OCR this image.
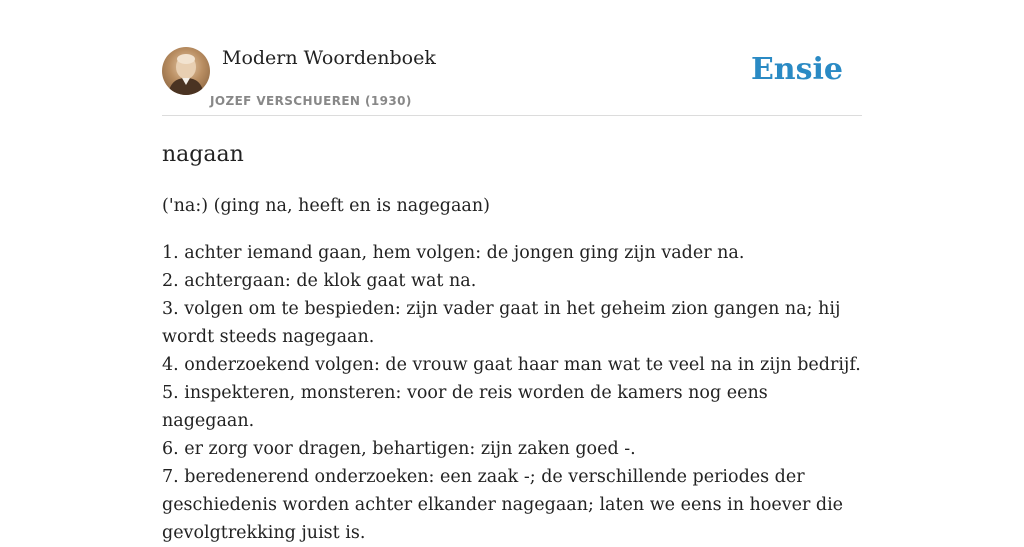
Modern Woordenboek
JOZEF VERSCHUEREN (1930)
Ensie
nagaan
('na:) (ging na, heeft en is nagegaan)

1. achter iemand gaan, hem volgen: de jongen ging zijn vader na.

2. achtergaan: de klok gaat wat na.

3. volgen om te bespieden: zijn vader gaat in het geheim zion gangen na; hij wordt steeds nagegaan.

4. onderzoekend volgen: de vrouw gaat haar man wat te veel na in zijn bedrijf.

5. inspekteren, monsteren: voor de reis worden de kamers nog eens nagegaan.

6. er zorg voor dragen, behartigen: zijn zaken goed -.

7. beredenerend onderzoeken: een zaak -; de verschillende periodes der geschiedenis worden achter elkander nagegaan; laten we eens in hoever die gevolgtrekking juist is.
